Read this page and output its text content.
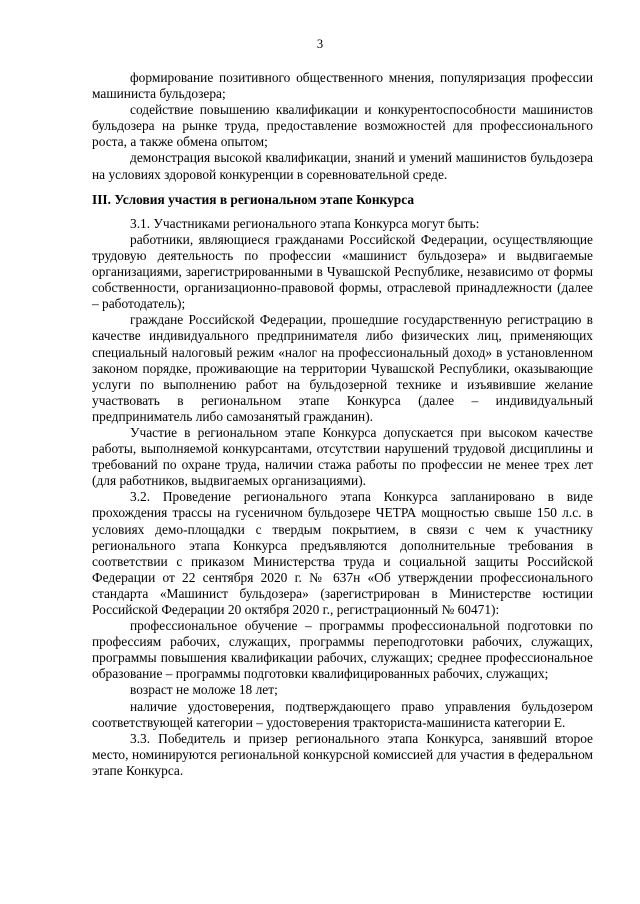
3

формирование позитивного общественного мнения, популяризация профессии машиниста бульдозера;

содействие повышению квалификации и конкурентоспособности машинистов бульдозера на рынке труда, предоставление возможностей для профессионального роста, а также обмена опытом;

демонстрация высокой квалификации, знаний и умений машинистов бульдозера на условиях здоровой конкуренции в соревновательной среде.

III. Условия участия в региональном этапе Конкурса

3.1. Участниками регионального этапа Конкурса могут быть:

работники, являющиеся гражданами Российской Федерации, осуществляющие трудовую деятельность по профессии «машинист бульдозера» и выдвигаемые организациями, зарегистрированными в Чувашской Республике, независимо от формы собственности, организационно-правовой формы, отраслевой принадлежности (далее – работодатель);

граждане Российской Федерации, прошедшие государственную регистрацию в качестве индивидуального предпринимателя либо физических лиц, применяющих специальный налоговый режим «налог на профессиональный доход» в установленном законом порядке, проживающие на территории Чувашской Республики, оказывающие услуги по выполнению работ на бульдозерной технике и изъявившие желание участвовать в региональном этапе Конкурса (далее – индивидуальный предприниматель либо самозанятый гражданин).

Участие в региональном этапе Конкурса допускается при высоком качестве работы, выполняемой конкурсантами, отсутствии нарушений трудовой дисциплины и требований по охране труда, наличии стажа работы по профессии не менее трех лет (для работников, выдвигаемых организациями).

3.2. Проведение регионального этапа Конкурса запланировано в виде прохождения трассы на гусеничном бульдозере ЧЕТРА мощностью свыше 150 л.с. в условиях демо-площадки с твердым покрытием, в связи с чем к участнику регионального этапа Конкурса предъявляются дополнительные требования в соответствии с приказом Министерства труда и социальной защиты Российской Федерации от 22 сентября 2020 г. № 637н «Об утверждении профессионального стандарта «Машинист бульдозера» (зарегистрирован в Министерстве юстиции Российской Федерации 20 октября 2020 г., регистрационный № 60471):

профессиональное обучение – программы профессиональной подготовки по профессиям рабочих, служащих, программы переподготовки рабочих, служащих, программы повышения квалификации рабочих, служащих; среднее профессиональное образование – программы подготовки квалифицированных рабочих, служащих;

возраст не моложе 18 лет;

наличие удостоверения, подтверждающего право управления бульдозером соответствующей категории – удостоверения тракториста-машиниста категории Е.

3.3. Победитель и призер регионального этапа Конкурса, занявший второе место, номинируются региональной конкурсной комиссией для участия в федеральном этапе Конкурса.
